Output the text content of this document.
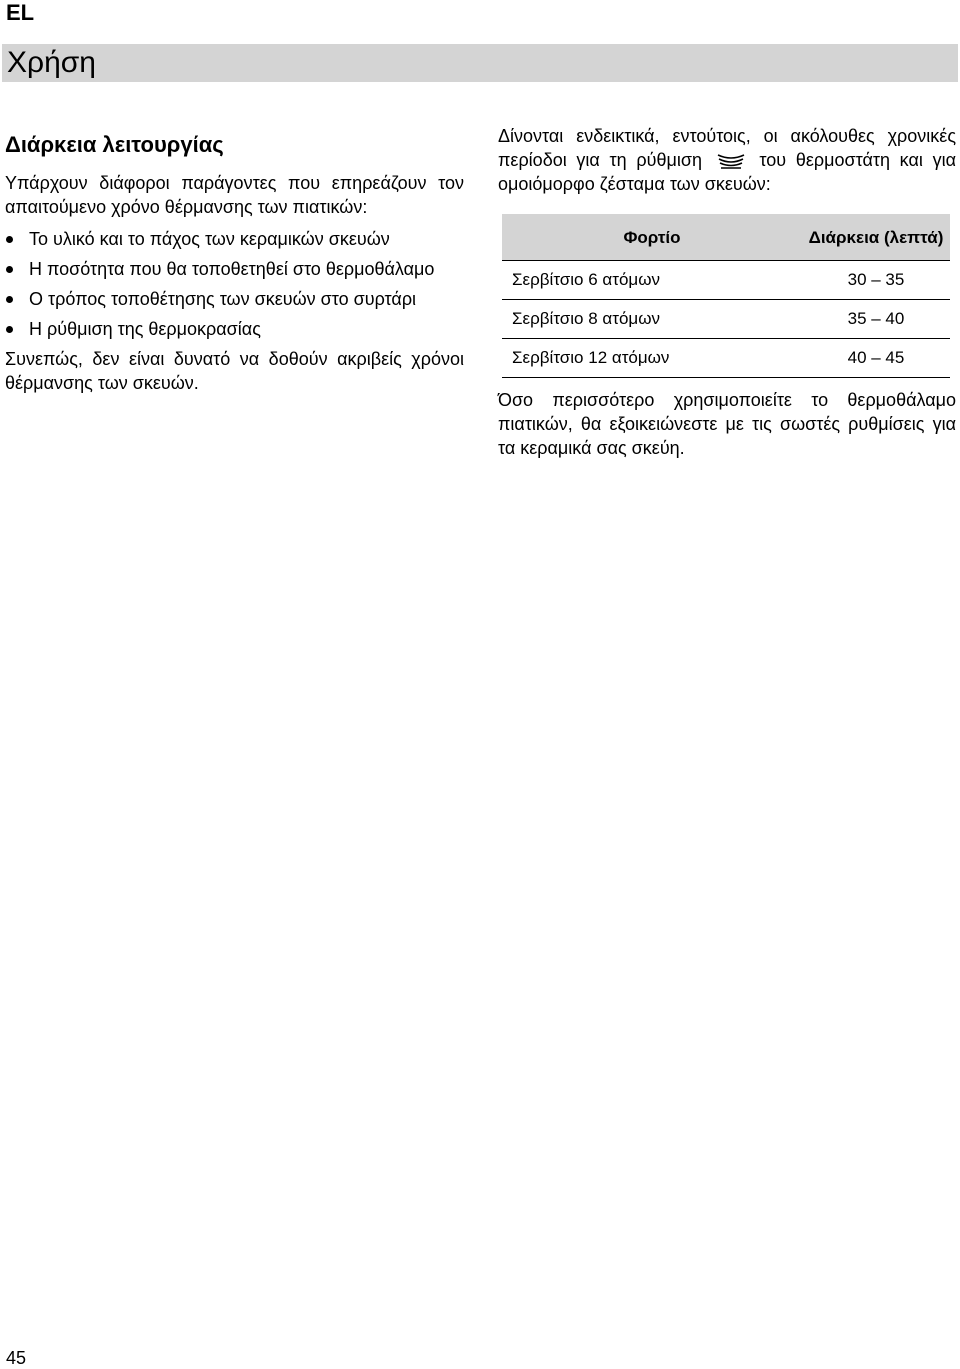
EL
Χρήση
Διάρκεια λειτουργίας

Υπάρχουν διάφοροι παράγοντες που επηρεάζουν τον απαιτούμενο χρόνο θέρμανσης των πιατικών:

Το υλικό και το πάχος των κεραμικών σκευών
Η ποσότητα που θα τοποθετηθεί στο θερμοθάλαμο
Ο τρόπος τοποθέτησης των σκευών στο συρτάρι
Η ρύθμιση της θερμοκρασίας

Συνεπώς, δεν είναι δυνατό να δοθούν ακριβείς χρόνοι θέρμανσης των σκευών.

Δίνονται ενδεικτικά, εντούτοις, οι ακόλουθες χρονικές περίοδοι για τη ρύθμιση	του θερμοστάτη και για ομοιόμορφο ζέσταμα των σκευών:

Φορτίο	Διάρκεια (λεπτά)
Σερβίτσιο 6 ατόμων	30 – 35
Σερβίτσιο 8 ατόμων	35 – 40
Σερβίτσιο 12 ατόμων	40 – 45

Όσο περισσότερο χρησιμοποιείτε το θερμοθάλαμο πιατικών, θα εξοικειώνεστε με τις σωστές ρυθμίσεις για τα κεραμικά σας σκεύη.

45
